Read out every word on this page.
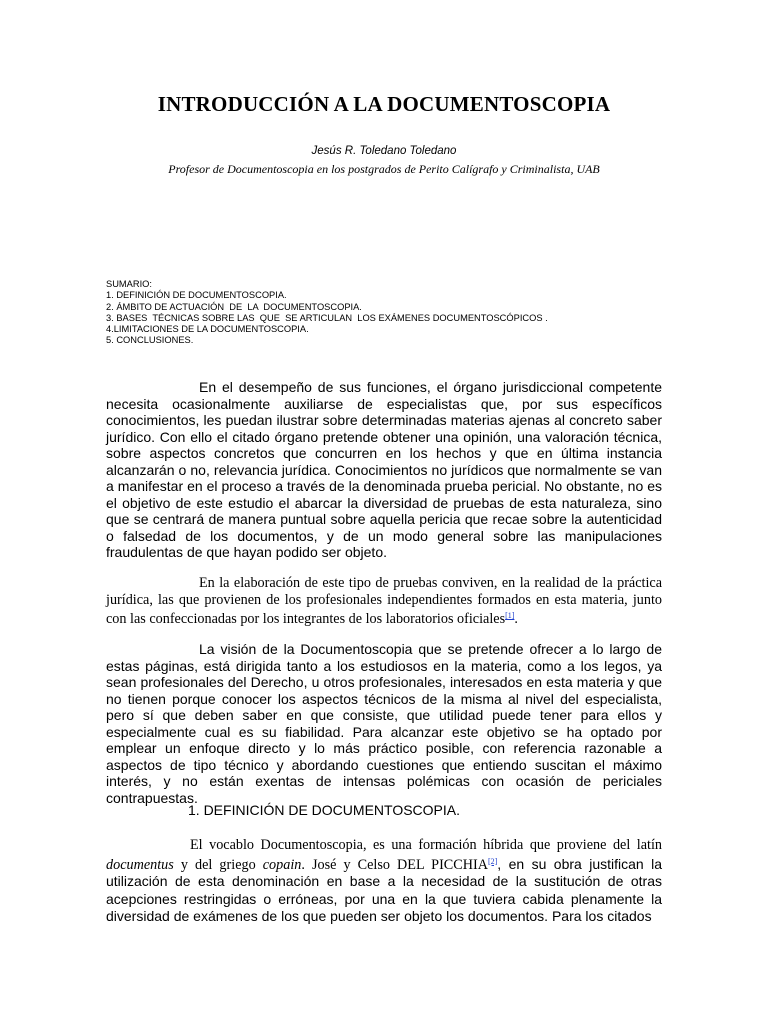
INTRODUCCIÓN A LA DOCUMENTOSCOPIA
Jesús R. Toledano Toledano
Profesor de Documentoscopia en los postgrados de Perito Calígrafo y Criminalista, UAB
SUMARIO:
1. DEFINICIÓN DE DOCUMENTOSCOPIA.
2. ÁMBITO DE ACTUACIÓN  DE  LA  DOCUMENTOSCOPIA.
3. BASES  TÉCNICAS SOBRE LAS  QUE  SE ARTICULAN  LOS EXÁMENES DOCUMENTOSCÓPICOS .
4.LIMITACIONES DE LA DOCUMENTOSCOPIA.
5. CONCLUSIONES.

En el desempeño de sus funciones, el órgano jurisdiccional competente necesita ocasionalmente auxiliarse de especialistas que, por sus específicos conocimientos, les puedan ilustrar sobre determinadas materias ajenas al concreto saber jurídico. Con ello el citado órgano pretende obtener una opinión, una valoración técnica, sobre aspectos concretos que concurren en los hechos y que en última instancia alcanzarán o no, relevancia jurídica. Conocimientos no jurídicos que normalmente se van a manifestar en el proceso a través de la denominada prueba pericial. No obstante, no es el objetivo de este estudio el abarcar la diversidad de pruebas de esta naturaleza, sino que se centrará de manera puntual sobre aquella pericia que recae sobre la autenticidad o falsedad de los documentos, y de un modo general sobre las manipulaciones fraudulentas de que hayan podido ser objeto.

En la elaboración de este tipo de pruebas conviven, en la realidad de la práctica jurídica, las que provienen de los profesionales independientes formados en esta materia, junto con las confeccionadas por los integrantes de los laboratorios oficiales[1].

La visión de la Documentoscopia que se pretende ofrecer a lo largo de estas páginas, está dirigida tanto a los estudiosos en la materia, como a los legos, ya sean profesionales del Derecho, u otros profesionales, interesados en esta materia y que no tienen porque conocer los aspectos técnicos de la misma al nivel del especialista, pero sí que deben saber en que consiste, que utilidad puede tener para ellos y especialmente cual es su fiabilidad. Para alcanzar este objetivo se ha optado por emplear un enfoque directo y lo más práctico posible, con referencia razonable a aspectos de tipo técnico y abordando cuestiones que entiendo suscitan el máximo interés, y no están exentas de intensas polémicas con ocasión de periciales contrapuestas.

1. DEFINICIÓN DE DOCUMENTOSCOPIA.

El vocablo Documentoscopia, es una formación híbrida que proviene del latín documentus y del griego copain. José y Celso DEL PICCHIA[2], en su obra justifican la utilización de esta denominación en base a la necesidad de la sustitución de otras acepciones restringidas o erróneas, por una en la que tuviera cabida plenamente la diversidad de exámenes de los que pueden ser objeto los documentos. Para los citados
